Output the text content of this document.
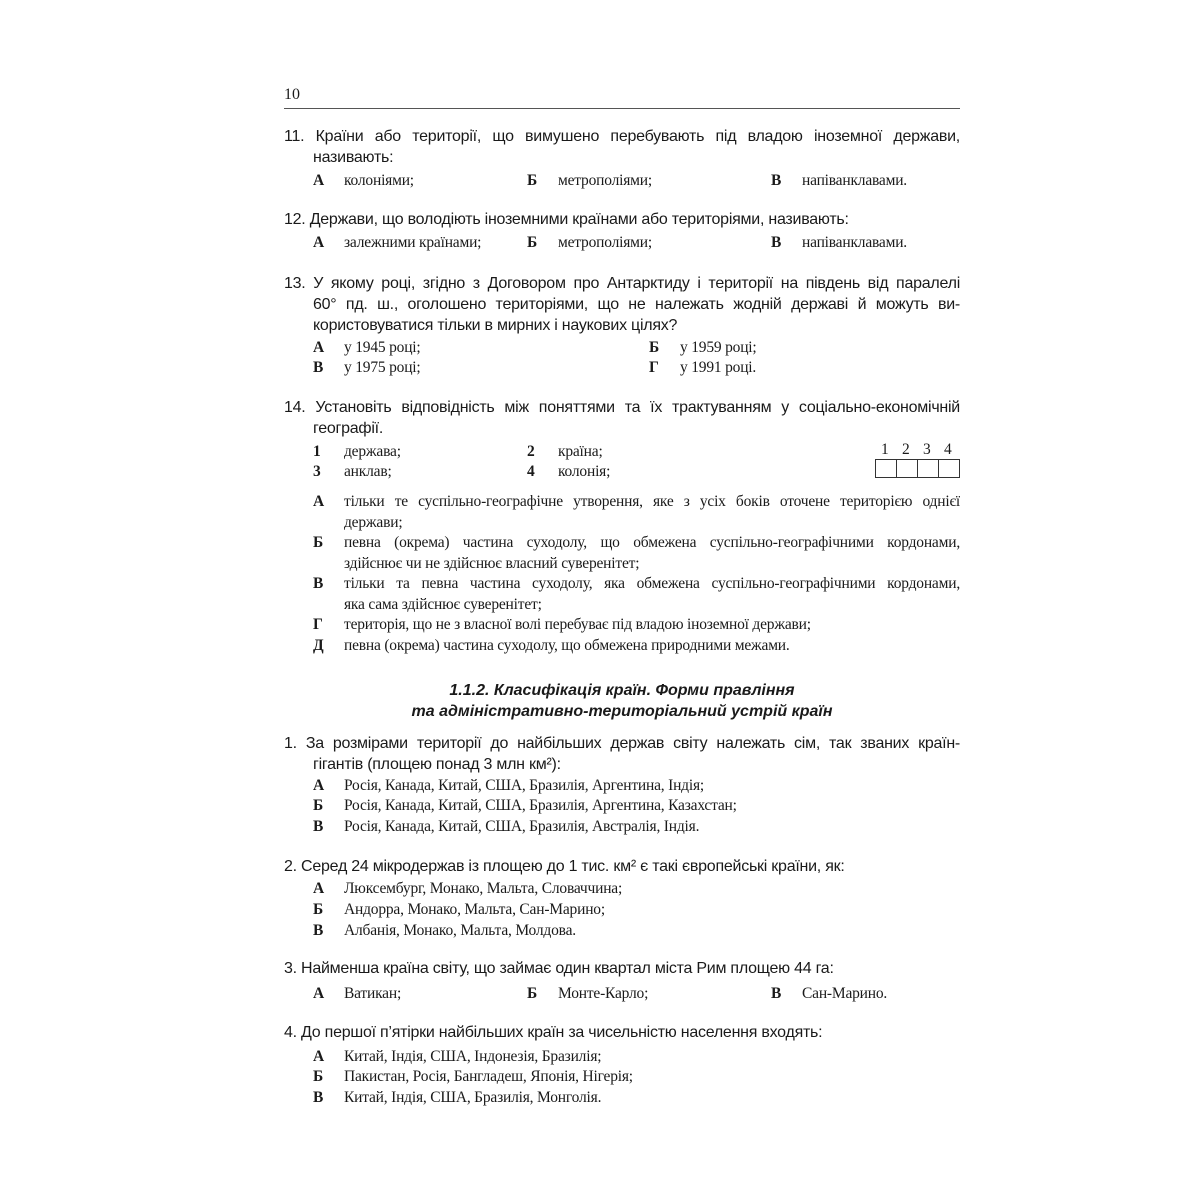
10
11. Країни або території, що вимушено перебувають під владою іноземної держави,
називають:
А колоніями;	Б метрополіями;	В напіванклавами.
12. Держави, що володіють іноземними країнами або територіями, називають:
А залежними країнами;	Б метрополіями;	В напіванклавами.
13. У якому році, згідно з Договором про Антарктиду і території на південь від паралелі
60° пд. ш., оголошено територіями, що не належать жодній державі й можуть ви-
користовуватися тільки в мирних і наукових цілях?
А у 1945 році;	Б у 1959 році;
В у 1975 році;	Г у 1991 році.
14. Установіть відповідність між поняттями та їх трактуванням у соціально-економічній
географії.
1 держава;	2 країна;
3 анклав;	4 колонія;
1 2 3 4
А тільки те суспільно-географічне утворення, яке з усіх боків оточене територією однієї
держави;
Б певна (окрема) частина суходолу, що обмежена суспільно-географічними кордонами,
здійснює чи не здійснює власний суверенітет;
В тільки та певна частина суходолу, яка обмежена суспільно-географічними кордонами,
яка сама здійснює суверенітет;
Г територія, що не з власної волі перебуває під владою іноземної держави;
Д певна (окрема) частина суходолу, що обмежена природними межами.
1.1.2. Класифікація країн. Форми правління
та адміністративно-територіальний устрій країн
1. За розмірами території до найбільших держав світу належать сім, так званих країн-
гігантів (площею понад 3 млн км²):
А Росія, Канада, Китай, США, Бразилія, Аргентина, Індія;
Б Росія, Канада, Китай, США, Бразилія, Аргентина, Казахстан;
В Росія, Канада, Китай, США, Бразилія, Австралія, Індія.
2. Серед 24 мікродержав із площею до 1 тис. км² є такі європейські країни, як:
А Люксембург, Монако, Мальта, Словаччина;
Б Андорра, Монако, Мальта, Сан-Марино;
В Албанія, Монако, Мальта, Молдова.
3. Найменша країна світу, що займає один квартал міста Рим площею 44 га:
А Ватикан;	Б Монте-Карло;	В Сан-Марино.
4. До першої п’ятірки найбільших країн за чисельністю населення входять:
А Китай, Індія, США, Індонезія, Бразилія;
Б Пакистан, Росія, Бангладеш, Японія, Нігерія;
В Китай, Індія, США, Бразилія, Монголія.
